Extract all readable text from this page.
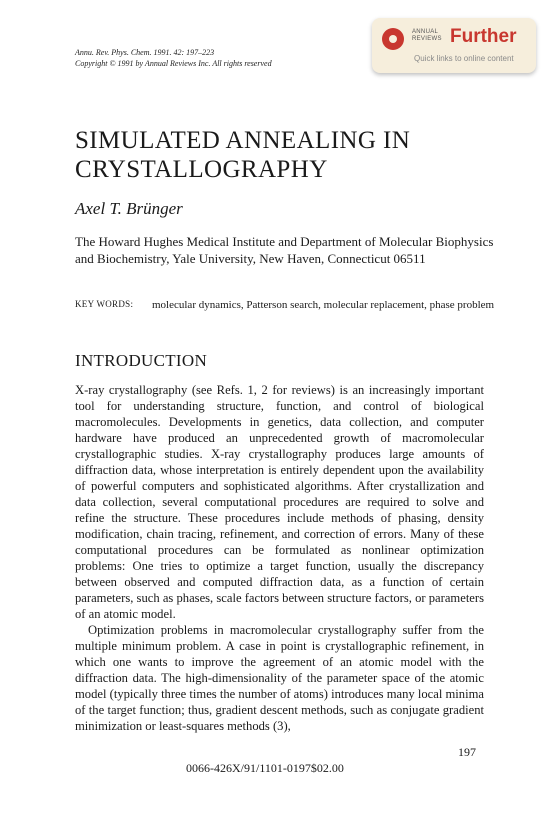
Annu. Rev. Phys. Chem. 1991. 42: 197–223
Copyright © 1991 by Annual Reviews Inc. All rights reserved
ANNUAL
REVIEWS Further
Quick links to online content
SIMULATED ANNEALING IN
CRYSTALLOGRAPHY
Axel T. Brünger
The Howard Hughes Medical Institute and Department of Molecular Biophysics and Biochemistry, Yale University, New Haven, Connecticut 06511
KEY WORDS: molecular dynamics, Patterson search, molecular replacement, phase problem
INTRODUCTION

X-ray crystallography (see Refs. 1, 2 for reviews) is an increasingly important tool for understanding structure, function, and control of biological macromolecules. Developments in genetics, data collection, and computer hardware have produced an unprecedented growth of macromolecular crystallographic studies. X-ray crystallography produces large amounts of diffraction data, whose interpretation is entirely dependent upon the availability of powerful computers and sophisticated algorithms. After crystallization and data collection, several computational procedures are required to solve and refine the structure. These procedures include methods of phasing, density modification, chain tracing, refinement, and correction of errors. Many of these computational procedures can be formulated as nonlinear optimization problems: One tries to optimize a target function, usually the discrepancy between observed and computed diffraction data, as a function of certain parameters, such as phases, scale factors between structure factors, or parameters of an atomic model.

Optimization problems in macromolecular crystallography suffer from the multiple minimum problem. A case in point is crystallographic refinement, in which one wants to improve the agreement of an atomic model with the diffraction data. The high-dimensionality of the parameter space of the atomic model (typically three times the number of atoms) introduces many local minima of the target function; thus, gradient descent methods, such as conjugate gradient minimization or least-squares methods (3),

197
0066-426X/91/1101-0197$02.00
